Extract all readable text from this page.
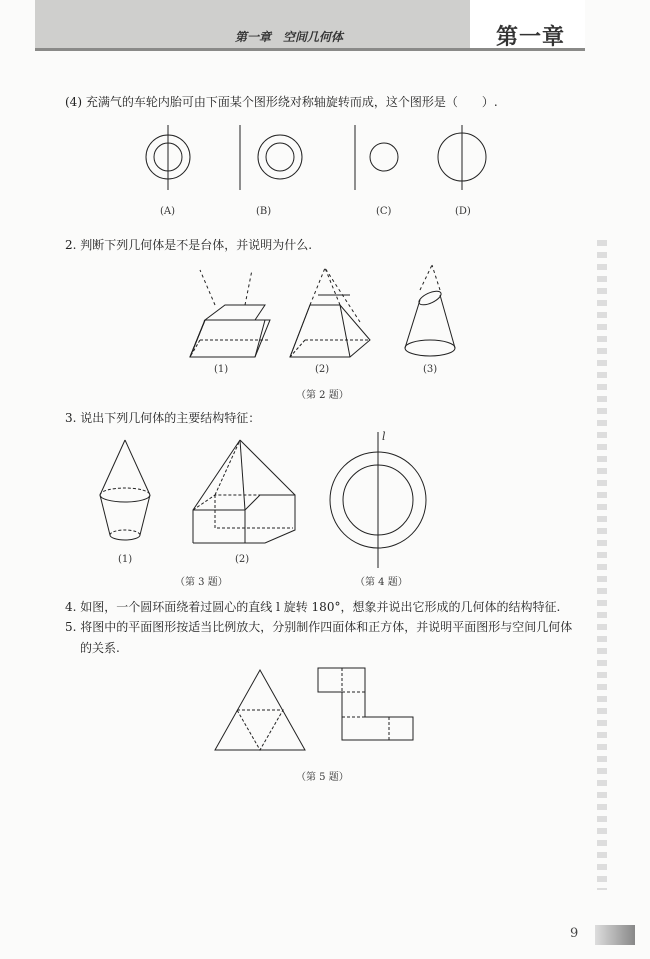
第一章　空间几何体	第一章
(4) 充满气的车轮内胎可由下面某个图形绕对称轴旋转而成，这个图形是（　　）.
2. 判断下列几何体是不是台体，并说明为什么.
3. 说出下列几何体的主要结构特征：
4. 如图，一个圆环面绕着过圆心的直线 l 旋转 180°，想象并说出它形成的几何体的结构特征.
5. 将图中的平面图形按适当比例放大，分别制作四面体和正方体，并说明平面图形与空间几何体
的关系.
(A)	(B)	(C)	(D)
(1)	(2)	(3)
（第 2 题）
(1)	(2)
（第 3 题）	（第 4 题）
l
（第 5 题）
9
